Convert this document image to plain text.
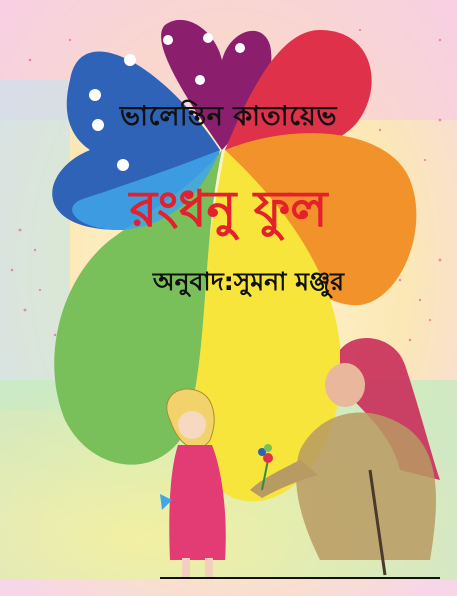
ভালেন্তিন কাতায়েভ
রংধনু ফুল
অনুবাদ:সুমনা মঞ্জুর
